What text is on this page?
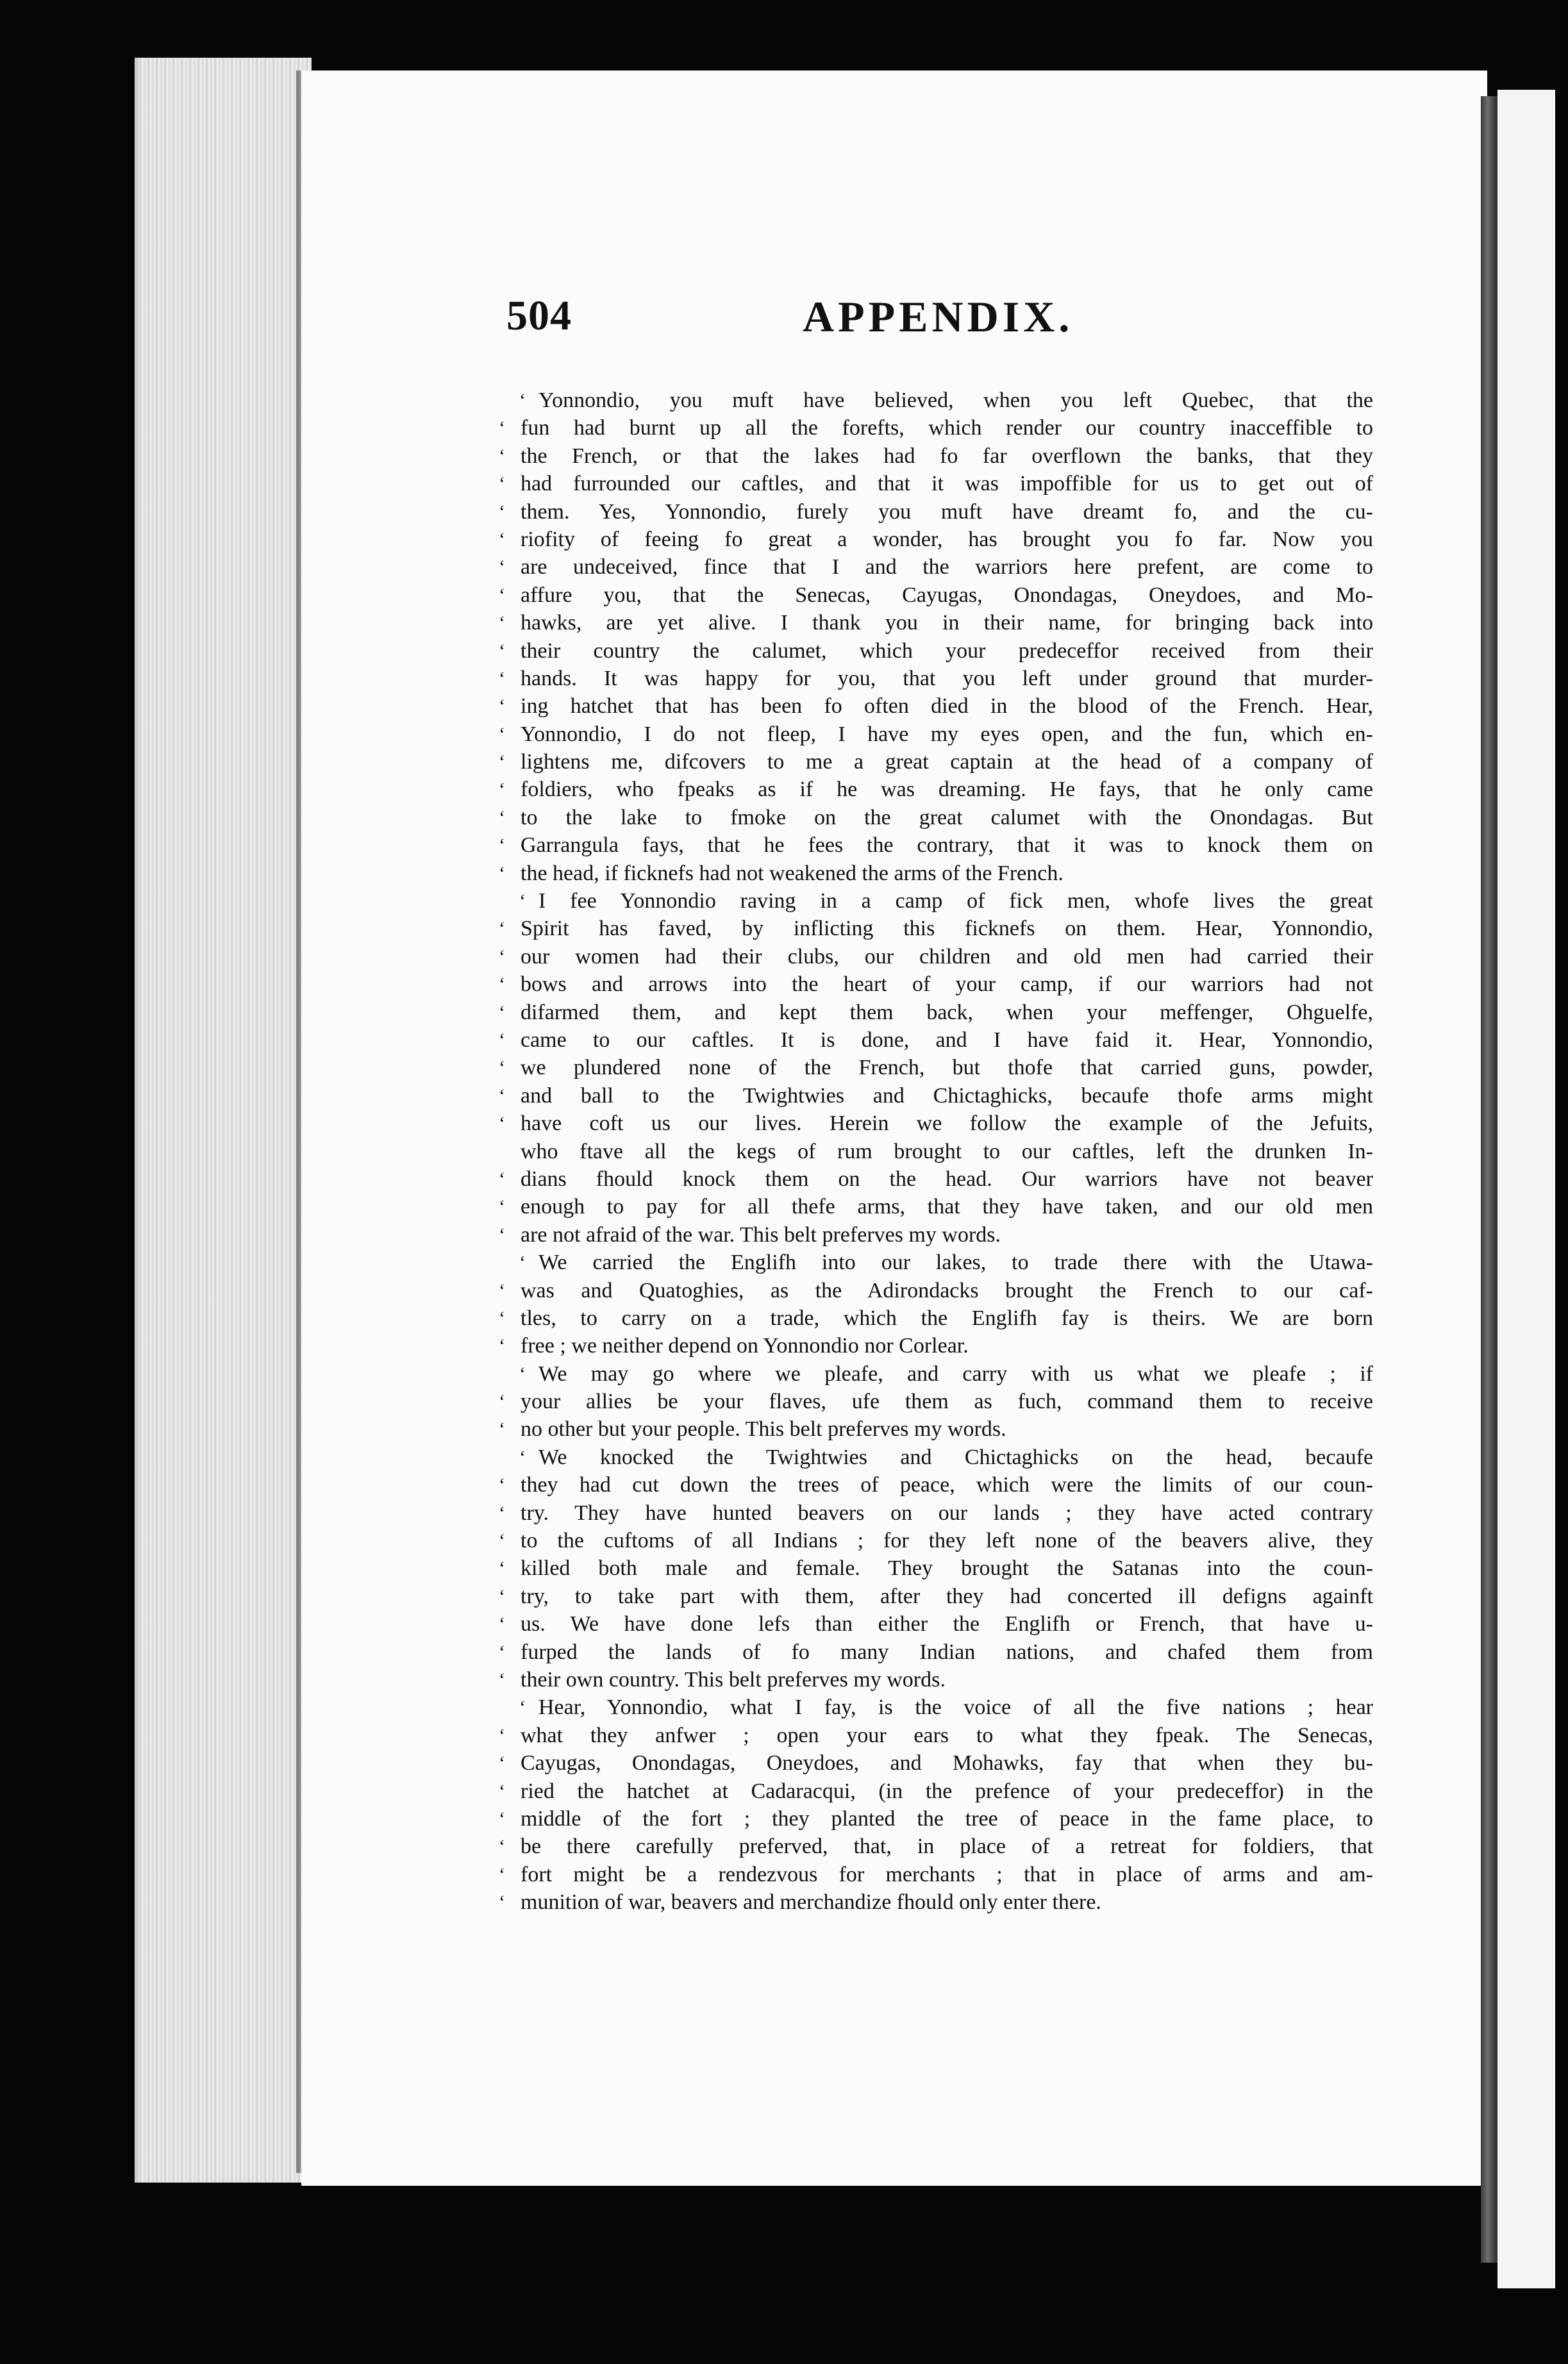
504	APPENDIX.
‘ Yonnondio, you muft have believed, when you left Quebec, that the
‘ fun had burnt up all the forefts, which render our country inacceffible to
‘ the French, or that the lakes had fo far overflown the banks, that they
‘ had furrounded our caftles, and that it was impoffible for us to get out of
‘ them. Yes, Yonnondio, furely you muft have dreamt fo, and the cu-
‘ riofity of feeing fo great a wonder, has brought you fo far. Now you
‘ are undeceived, fince that I and the warriors here prefent, are come to
‘ affure you, that the Senecas, Cayugas, Onondagas, Oneydoes, and Mo-
‘ hawks, are yet alive. I thank you in their name, for bringing back into
‘ their country the calumet, which your predeceffor received from their
‘ hands. It was happy for you, that you left under ground that murder-
‘ ing hatchet that has been fo often died in the blood of the French. Hear,
‘ Yonnondio, I do not fleep, I have my eyes open, and the fun, which en-
‘ lightens me, difcovers to me a great captain at the head of a company of
‘ foldiers, who fpeaks as if he was dreaming. He fays, that he only came
‘ to the lake to fmoke on the great calumet with the Onondagas. But
‘ Garrangula fays, that he fees the contrary, that it was to knock them on
‘ the head, if ficknefs had not weakened the arms of the French.
‘ I fee Yonnondio raving in a camp of fick men, whofe lives the great
‘ Spirit has faved, by inflicting this ficknefs on them. Hear, Yonnondio,
‘ our women had their clubs, our children and old men had carried their
‘ bows and arrows into the heart of your camp, if our warriors had not
‘ difarmed them, and kept them back, when your meffenger, Ohguelfe,
‘ came to our caftles. It is done, and I have faid it. Hear, Yonnondio,
‘ we plundered none of the French, but thofe that carried guns, powder,
‘ and ball to the Twightwies and Chictaghicks, becaufe thofe arms might
‘ have coft us our lives. Herein we follow the example of the Jefuits,
who ftave all the kegs of rum brought to our caftles, left the drunken In-
‘ dians fhould knock them on the head. Our warriors have not beaver
‘ enough to pay for all thefe arms, that they have taken, and our old men
‘ are not afraid of the war. This belt preferves my words.
‘ We carried the Englifh into our lakes, to trade there with the Utawa-
‘ was and Quatoghies, as the Adirondacks brought the French to our caf-
‘ tles, to carry on a trade, which the Englifh fay is theirs. We are born
‘ free ; we neither depend on Yonnondio nor Corlear.
‘ We may go where we pleafe, and carry with us what we pleafe ; if
‘ your allies be your flaves, ufe them as fuch, command them to receive
‘ no other but your people. This belt preferves my words.
‘ We knocked the Twightwies and Chictaghicks on the head, becaufe
‘ they had cut down the trees of peace, which were the limits of our coun-
‘ try. They have hunted beavers on our lands ; they have acted contrary
‘ to the cuftoms of all Indians ; for they left none of the beavers alive, they
‘ killed both male and female. They brought the Satanas into the coun-
‘ try, to take part with them, after they had concerted ill defigns againft
‘ us. We have done lefs than either the Englifh or French, that have u-
‘ furped the lands of fo many Indian nations, and chafed them from
‘ their own country. This belt preferves my words.
‘ Hear, Yonnondio, what I fay, is the voice of all the five nations ; hear
‘ what they anfwer ; open your ears to what they fpeak. The Senecas,
‘ Cayugas, Onondagas, Oneydoes, and Mohawks, fay that when they bu-
‘ ried the hatchet at Cadaracqui, (in the prefence of your predeceffor) in the
‘ middle of the fort ; they planted the tree of peace in the fame place, to
‘ be there carefully preferved, that, in place of a retreat for foldiers, that
‘ fort might be a rendezvous for merchants ; that in place of arms and am-
‘ munition of war, beavers and merchandize fhould only enter there.
